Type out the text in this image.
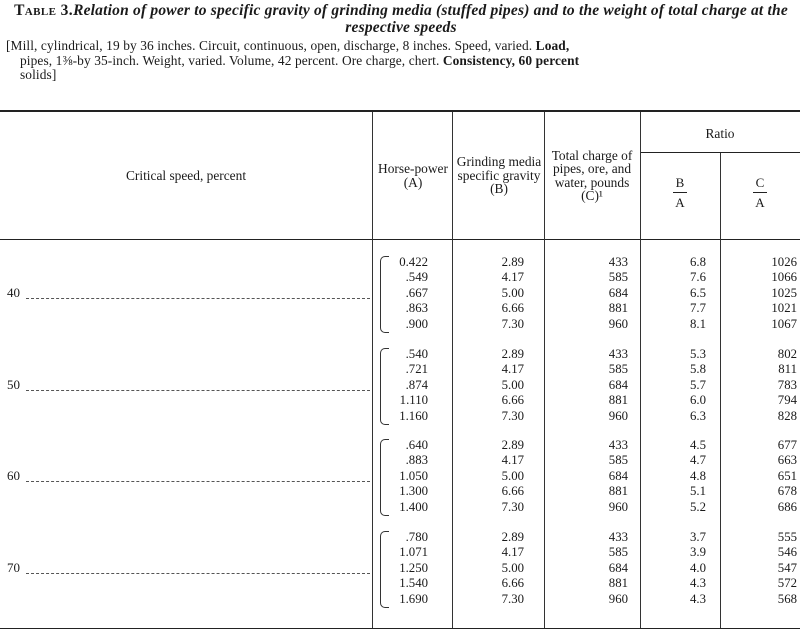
Table 3.Relation of power to specific gravity of grinding media (stuffed pipes) and to the weight of total charge at the respective speeds
[Mill, cylindrical, 19 by 36 inches. Circuit, continuous, open, discharge, 8 inches. Speed, varied. Load,
pipes, 1⅜-by 35-inch. Weight, varied. Volume, 42 percent. Ore charge, chert. Consistency, 60 percent
solids]
Critical speed, percent	Horse-power (A)
Grinding media specific gravity (B)
Total charge of pipes, ore, and water, pounds (C)¹
Ratio
B
A
C
A
40
0.422	2.89	433	6.8	1026
.549	4.17	585	7.6	1066
.667	5.00	684	6.5	1025
.863	6.66	881	7.7	1021
.900	7.30	960	8.1	1067
50
.540	2.89	433	5.3	802
.721	4.17	585	5.8	811
.874	5.00	684	5.7	783
1.110	6.66	881	6.0	794
1.160	7.30	960	6.3	828
60
.640	2.89	433	4.5	677
.883	4.17	585	4.7	663
1.050	5.00	684	4.8	651
1.300	6.66	881	5.1	678
1.400	7.30	960	5.2	686
70
.780	2.89	433	3.7	555
1.071	4.17	585	3.9	546
1.250	5.00	684	4.0	547
1.540	6.66	881	4.3	572
1.690	7.30	960	4.3	568
